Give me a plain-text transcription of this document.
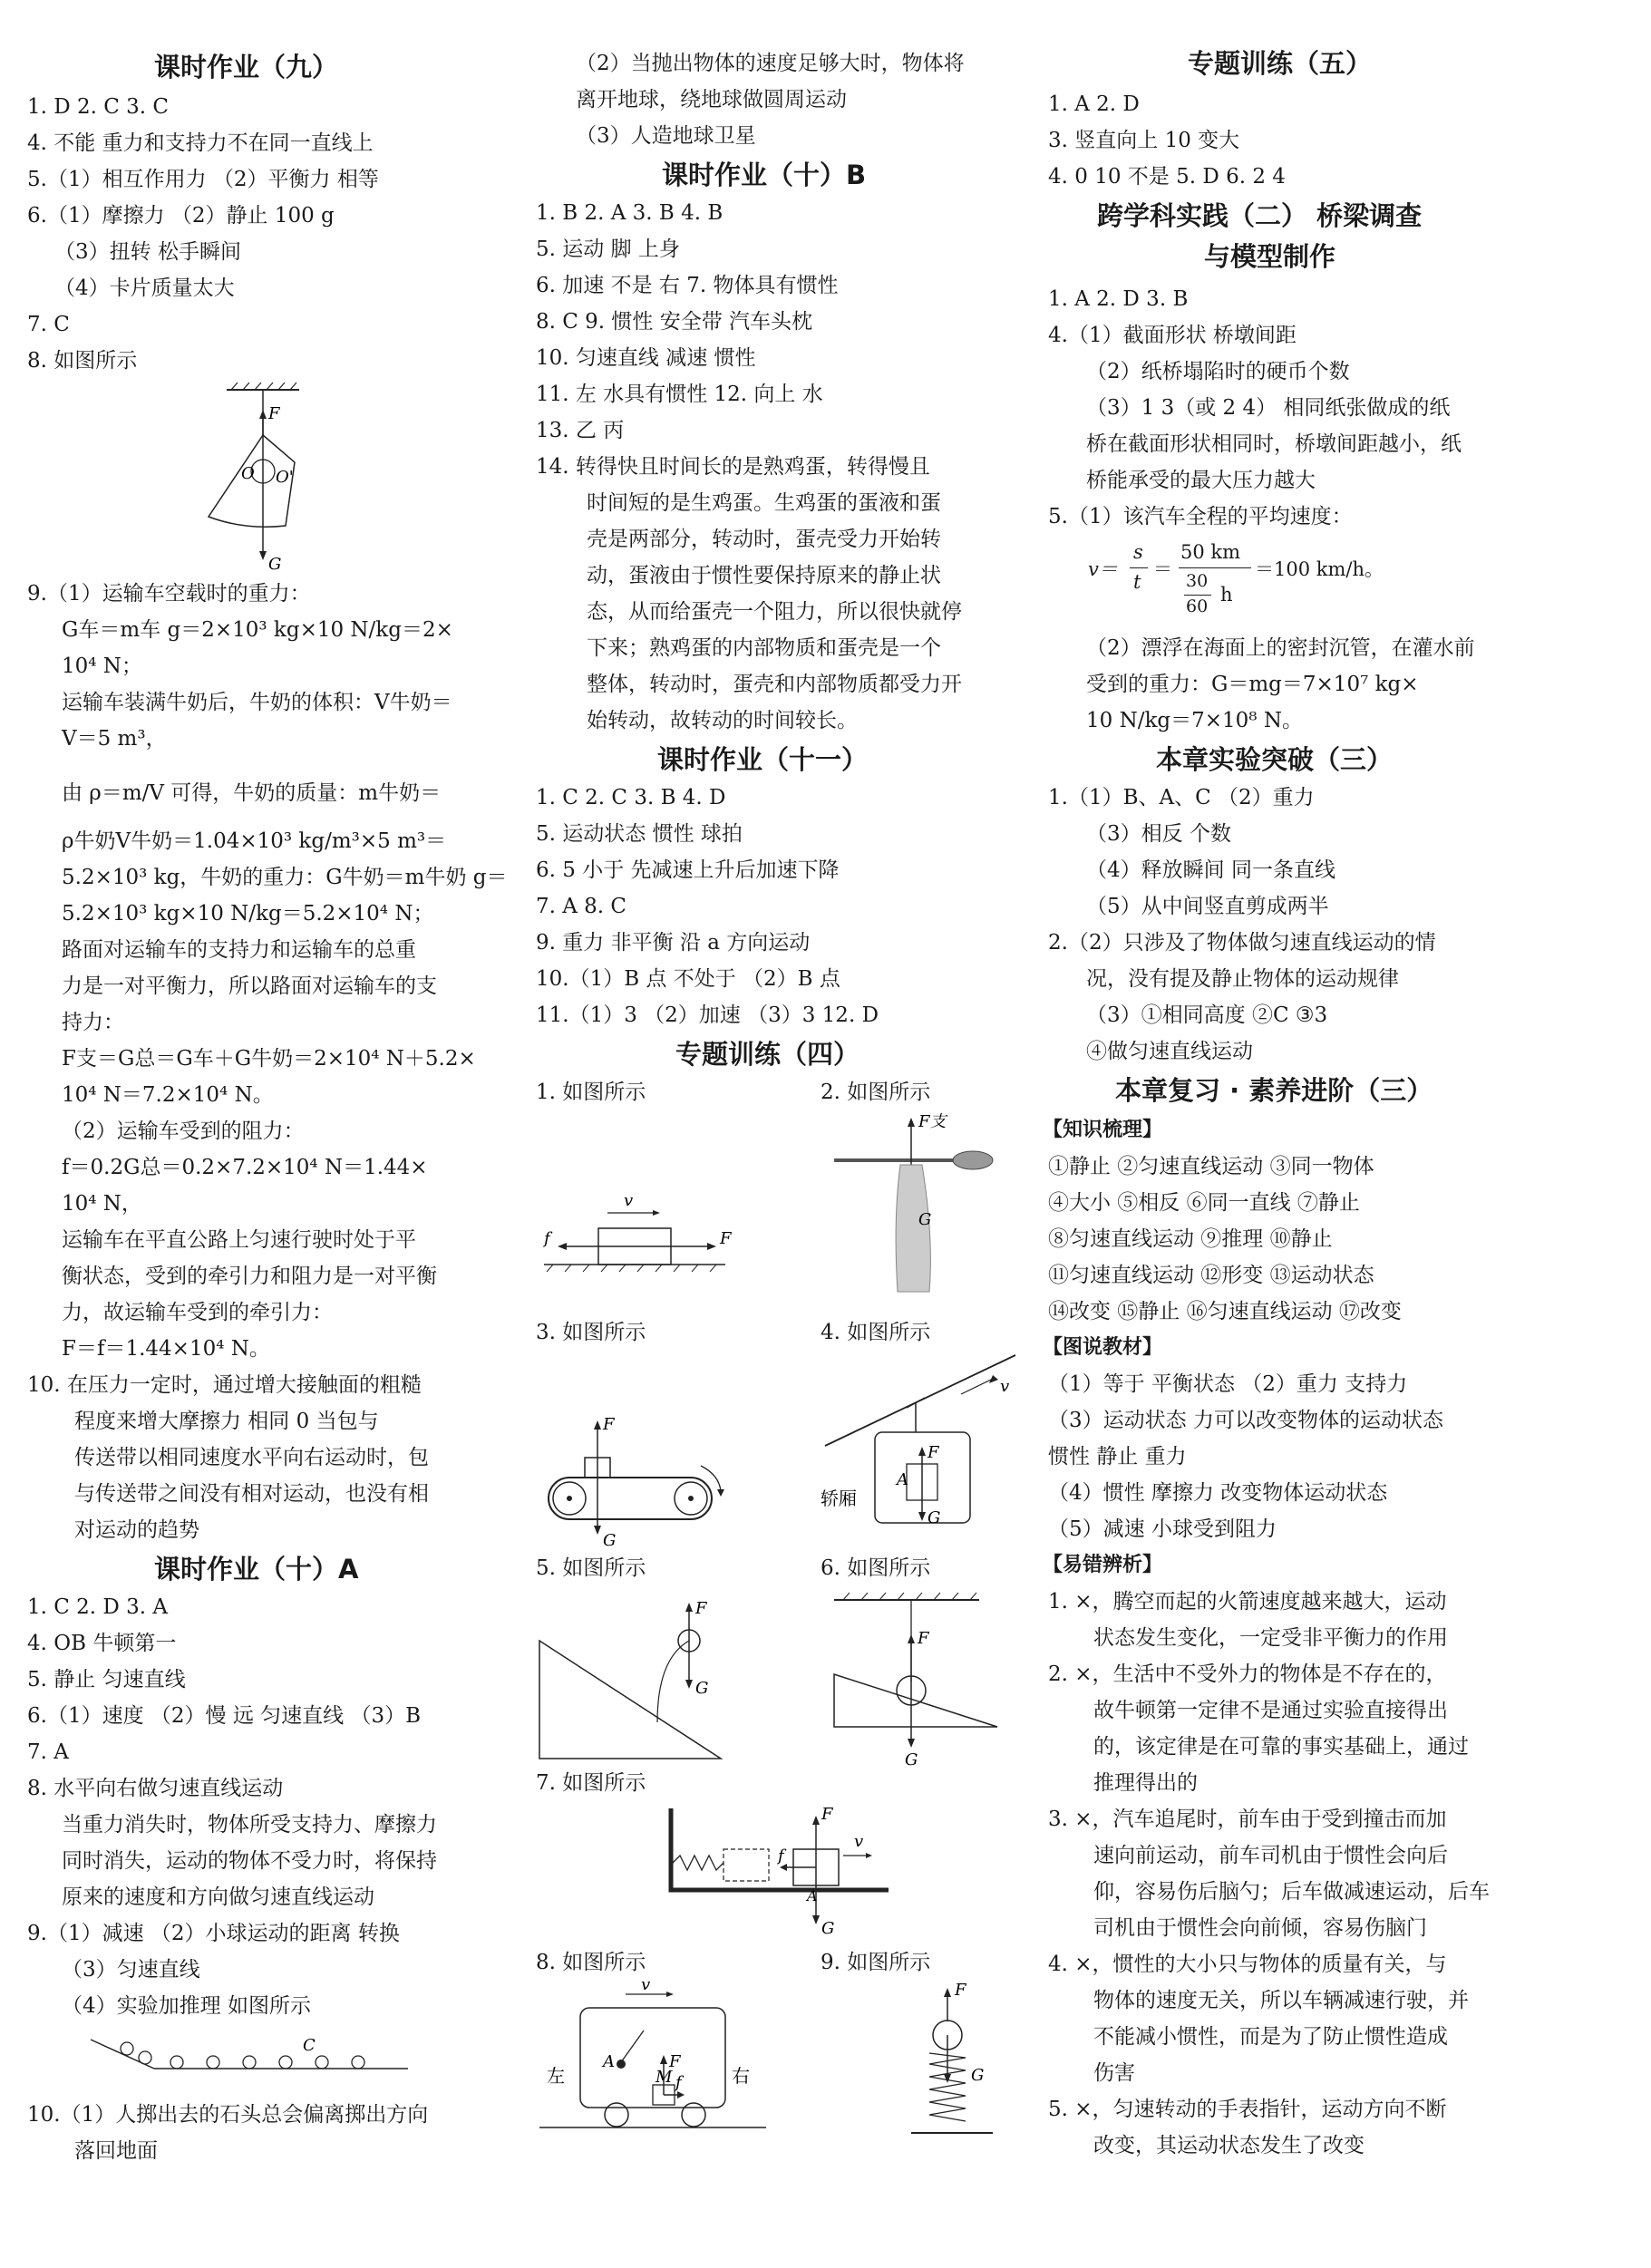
课时作业（九）
1. D 2. C 3. C
4. 不能 重力和支持力不在同一直线上
5.（1）相互作用力 （2）平衡力 相等
6.（1）摩擦力 （2）静止 100 g
（3）扭转 松手瞬间
（4）卡片质量太大
7. C
8. 如图所示
F
G
O O'
9.（1）运输车空载时的重力：
G车＝m车 g＝2×10³ kg×10 N/kg＝2×
10⁴ N；
运输车装满牛奶后，牛奶的体积：V牛奶＝
V＝5 m³，
由 ρ＝m/V 可得，牛奶的质量：m牛奶＝
ρ牛奶V牛奶＝1.04×10³ kg/m³×5 m³＝
5.2×10³ kg，牛奶的重力：G牛奶＝m牛奶 g＝
5.2×10³ kg×10 N/kg＝5.2×10⁴ N；
路面对运输车的支持力和运输车的总重
力是一对平衡力，所以路面对运输车的支
持力：
F支＝G总＝G车＋G牛奶＝2×10⁴ N＋5.2×
10⁴ N＝7.2×10⁴ N。
（2）运输车受到的阻力：
f＝0.2G总＝0.2×7.2×10⁴ N＝1.44×
10⁴ N，
运输车在平直公路上匀速行驶时处于平
衡状态，受到的牵引力和阻力是一对平衡
力，故运输车受到的牵引力：
F＝f＝1.44×10⁴ N。
10. 在压力一定时，通过增大接触面的粗糙
程度来增大摩擦力 相同 0 当包与
传送带以相同速度水平向右运动时，包
与传送带之间没有相对运动，也没有相
对运动的趋势
课时作业（十）A
1. C 2. D 3. A
4. OB 牛顿第一
5. 静止 匀速直线
6.（1）速度 （2）慢 远 匀速直线 （3）B
7. A
8. 水平向右做匀速直线运动
当重力消失时，物体所受支持力、摩擦力
同时消失，运动的物体不受力时，将保持
原来的速度和方向做匀速直线运动
9.（1）减速 （2）小球运动的距离 转换
（3）匀速直线
（4）实验加推理 如图所示
C
10.（1）人掷出去的石头总会偏离掷出方向
落回地面
（2）当抛出物体的速度足够大时，物体将
离开地球，绕地球做圆周运动
（3）人造地球卫星
课时作业（十）B
1. B 2. A 3. B 4. B
5. 运动 脚 上身
6. 加速 不是 右 7. 物体具有惯性
8. C 9. 惯性 安全带 汽车头枕
10. 匀速直线 减速 惯性
11. 左 水具有惯性 12. 向上 水
13. 乙 丙
14. 转得快且时间长的是熟鸡蛋，转得慢且
时间短的是生鸡蛋。生鸡蛋的蛋液和蛋
壳是两部分，转动时，蛋壳受力开始转
动，蛋液由于惯性要保持原来的静止状
态，从而给蛋壳一个阻力，所以很快就停
下来；熟鸡蛋的内部物质和蛋壳是一个
整体，转动时，蛋壳和内部物质都受力开
始转动，故转动的时间较长。
课时作业（十一）
1. C 2. C 3. B 4. D
5. 运动状态 惯性 球拍
6. 5 小于 先减速上升后加速下降
7. A 8. C
9. 重力 非平衡 沿 a 方向运动
10.（1）B 点 不处于 （2）B 点
11.（1）3 （2）加速 （3）3 12. D
专题训练（四）
1. 如图所示	2. 如图所示
v
f	F
F支
G
3. 如图所示	4. 如图所示
F
G
v
A
F
G
轿厢
5. 如图所示	6. 如图所示
F
G
F
G
7. 如图所示
F
G
f
v
A
8. 如图所示	9. 如图所示
v
A	F
M f
左	右
F
G
专题训练（五）
1. A 2. D
3. 竖直向上 10 变大
4. 0 10 不是 5. D 6. 2 4
跨学科实践（二） 桥梁调查
与模型制作
1. A 2. D 3. B
4.（1）截面形状 桥墩间距
（2）纸桥塌陷时的硬币个数
（3）1 3（或 2 4） 相同纸张做成的纸
桥在截面形状相同时，桥墩间距越小，纸
桥能承受的最大压力越大
5.（1）该汽车全程的平均速度：
v＝
s
t
＝
50 km
30
60
h
＝100 km/h。
（2）漂浮在海面上的密封沉管，在灌水前
受到的重力：G＝mg＝7×10⁷ kg×
10 N/kg＝7×10⁸ N。
本章实验突破（三）
1.（1）B、A、C （2）重力
（3）相反 个数
（4）释放瞬间 同一条直线
（5）从中间竖直剪成两半
2.（2）只涉及了物体做匀速直线运动的情
况，没有提及静止物体的运动规律
（3）①相同高度 ②C ③3
④做匀速直线运动
本章复习 · 素养进阶（三）
【知识梳理】
①静止 ②匀速直线运动 ③同一物体
④大小 ⑤相反 ⑥同一直线 ⑦静止
⑧匀速直线运动 ⑨推理 ⑩静止
⑪匀速直线运动 ⑫形变 ⑬运动状态
⑭改变 ⑮静止 ⑯匀速直线运动 ⑰改变
【图说教材】
（1）等于 平衡状态 （2）重力 支持力
（3）运动状态 力可以改变物体的运动状态
惯性 静止 重力
（4）惯性 摩擦力 改变物体运动状态
（5）减速 小球受到阻力
【易错辨析】
1. ×，腾空而起的火箭速度越来越大，运动
状态发生变化，一定受非平衡力的作用
2. ×，生活中不受外力的物体是不存在的，
故牛顿第一定律不是通过实验直接得出
的，该定律是在可靠的事实基础上，通过
推理得出的
3. ×，汽车追尾时，前车由于受到撞击而加
速向前运动，前车司机由于惯性会向后
仰，容易伤后脑勺；后车做减速运动，后车
司机由于惯性会向前倾，容易伤脑门
4. ×，惯性的大小只与物体的质量有关，与
物体的速度无关，所以车辆减速行驶，并
不能减小惯性，而是为了防止惯性造成
伤害
5. ×，匀速转动的手表指针，运动方向不断
改变，其运动状态发生了改变
